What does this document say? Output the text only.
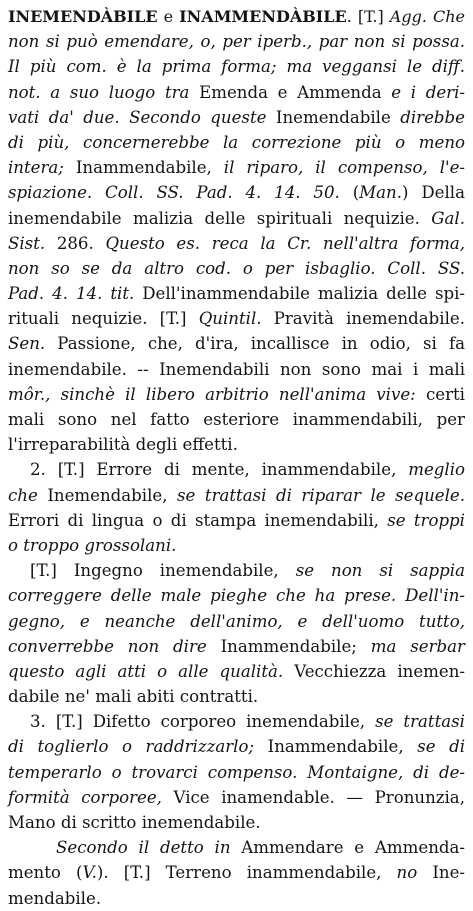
INEMENDÀBILE e INAMMENDÀBILE. [T.] Agg. Che
non si può emendare, o, per iperb., par non si possa.
Il più com. è la prima forma; ma veggansi le diff.
not. a suo luogo tra Emenda e Ammenda e i deri-
vati da' due. Secondo queste Inemendabile direbbe
di più, concernerebbe la correzione più o meno
intera; Inammendabile, il riparo, il compenso, l'e-
spiazione. Coll. SS. Pad. 4. 14. 50. (Man.) Della
inemendabile malizia delle spirituali nequizie. Gal.
Sist. 286. Questo es. reca la Cr. nell'altra forma,
non so se da altro cod. o per isbaglio. Coll. SS.
Pad. 4. 14. tit. Dell'inammendabile malizia delle spi-
rituali nequizie. [T.] Quintil. Pravità inemendabile.
Sen. Passione, che, d'ira, incallisce in odio, si fa
inemendabile. -- Inemendabili non sono mai i mali
môr., sinchè il libero arbitrio nell'anima vive: certi
mali sono nel fatto esteriore inammendabili, per
l'irreparabilità degli effetti.
2. [T.] Errore di mente, inammendabile, meglio
che Inemendabile, se trattasi di riparar le sequele.
Errori di lingua o di stampa inemendabili, se troppi
o troppo grossolani.
[T.] Ingegno inemendabile, se non si sappia
correggere delle male pieghe che ha prese. Dell'in-
gegno, e neanche dell'animo, e dell'uomo tutto,
converrebbe non dire Inammendabile; ma serbar
questo agli atti o alle qualità. Vecchiezza inemen-
dabile ne' mali abiti contratti.
3. [T.] Difetto corporeo inemendabile, se trattasi
di toglierlo o raddrizzarlo; Inammendabile, se di
temperarlo o trovarci compenso. Montaigne, di de-
formità corporee, Vice inamendable. — Pronunzia,
Mano di scritto inemendabile.
Secondo il detto in Ammendare e Ammenda-
mento (V.). [T.] Terreno inammendabile, no Ine-
mendabile.
